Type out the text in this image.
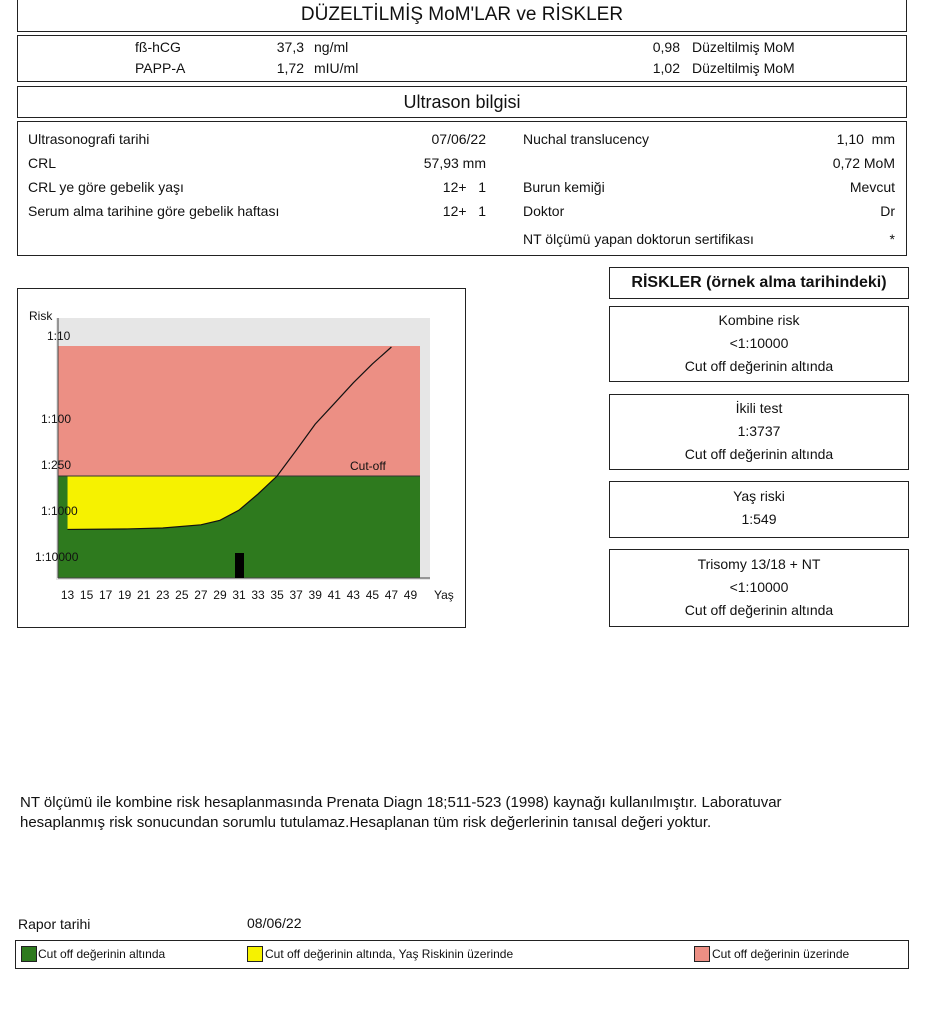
DÜZELTİLMİŞ MoM'LAR ve RİSKLER
fß-hCG	37,3 ng/ml	0,98 Düzeltilmiş MoM
PAPP-A	1,72 mIU/ml	1,02 Düzeltilmiş MoM
Ultrason bilgisi
Ultrasonografi tarihi	07/06/22
CRL	57,93 mm
CRL ye göre gebelik yaşı	12+   1
Serum alma tarihine göre gebelik haftası	12+   1
Nuchal translucency	1,10  mm
0,72 MoM
Burun kemiği	Mevcut
Doktor	Dr
NT ölçümü yapan doktorun sertifikası	*
Cut-off
Risk
1:10
1:100
1:250
1:1000
1:10000
13 15 17 19 21 23 25 27 29 31 33 35 37 39 41 43 45 47 49 Yaş
RİSKLER (örnek alma tarihindeki)
Kombine risk
<1:10000
Cut off değerinin altında
İkili test
1:3737
Cut off değerinin altında
Yaş riski
1:549
Trisomy 13/18 + NT
<1:10000
Cut off değerinin altında
NT ölçümü ile kombine risk hesaplanmasında Prenata Diagn 18;511-523 (1998) kaynağı kullanılmıştır. Laboratuvar hesaplanmış risk sonucundan sorumlu tutulamaz.Hesaplanan tüm risk değerlerinin tanısal değeri yoktur.
Rapor tarihi	08/06/22
Cut off değerinin altında	Cut off değerinin altında, Yaş Riskinin üzerinde	Cut off değerinin üzerinde
